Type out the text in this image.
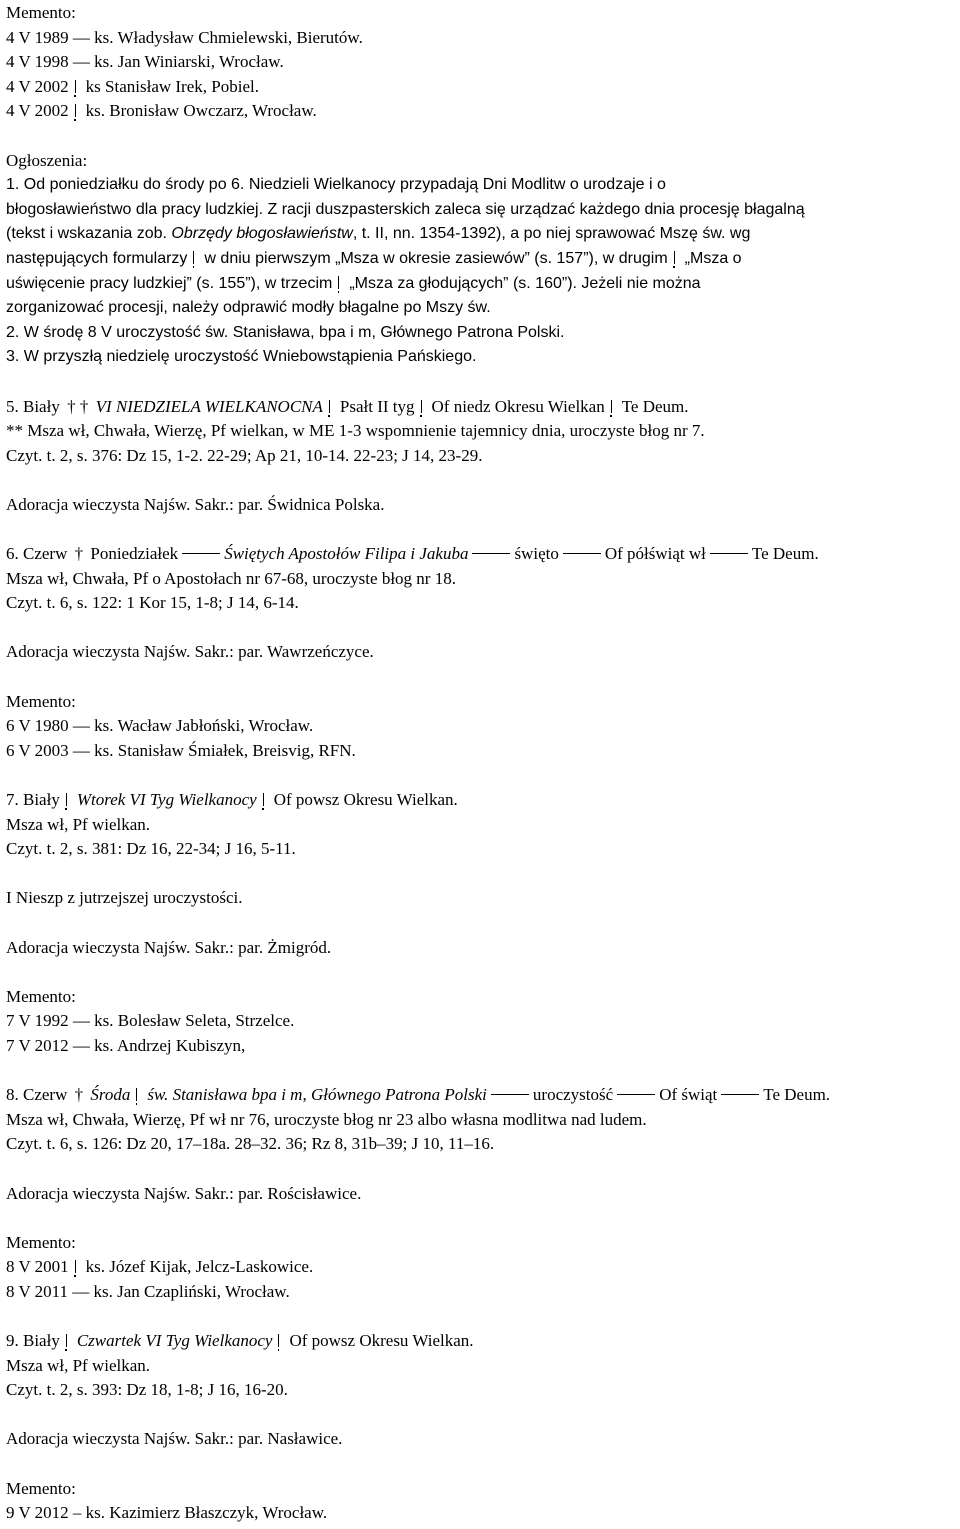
Memento:
4 V 1989 — ks. Władysław Chmielewski, Bierutów.
4 V 1998 — ks. Jan Winiarski, Wrocław.
4 V 2002 ks Stanisław Irek, Pobiel.
4 V 2002 ks. Bronisław Owczarz, Wrocław.
Ogłoszenia:
1. Od poniedziałku do środy po 6. Niedzieli Wielkanocy przypadają Dni Modlitw o urodzaje i o
błogosławieństwo dla pracy ludzkiej. Z racji duszpasterskich zaleca się urządzać każdego dnia procesję błagalną
(tekst i wskazania zob. Obrzędy błogosławieństw, t. II, nn. 1354-1392), a po niej sprawować Mszę św. wg
następujących formularzy w dniu pierwszym „Msza w okresie zasiewów” (s. 157”), w drugim „Msza o
uświęcenie pracy ludzkiej” (s. 155”), w trzecim „Msza za głodujących” (s. 160”). Jeżeli nie można
zorganizować procesji, należy odprawić modły błagalne po Mszy św.
2. W środę 8 V uroczystość św. Stanisława, bpa i m, Głównego Patrona Polski.
3. W przyszłą niedzielę uroczystość Wniebowstąpienia Pańskiego.
5. Biały † † VI NIEDZIELA WIELKANOCNA Psałt II tyg Of niedz Okresu Wielkan Te Deum.
** Msza wł, Chwała, Wierzę, Pf wielkan, w ME 1-3 wspomnienie tajemnicy dnia, uroczyste błog nr 7.
Czyt. t. 2, s. 376: Dz 15, 1-2. 22-29; Ap 21, 10-14. 22-23; J 14, 23-29.
Adoracja wieczysta Najśw. Sakr.: par. Świdnica Polska.
6. Czerw † Poniedziałek	Świętych Apostołów Filipa i Jakuba	święto	Of półświąt wł	Te Deum.
Msza wł, Chwała, Pf o Apostołach nr 67-68, uroczyste błog nr 18.
Czyt. t. 6, s. 122: 1 Kor 15, 1-8; J 14, 6-14.
Adoracja wieczysta Najśw. Sakr.: par. Wawrzeńczyce.
Memento:
6 V 1980 — ks. Wacław Jabłoński, Wrocław.
6 V 2003 — ks. Stanisław Śmiałek, Breisvig, RFN.
7. Biały Wtorek VI Tyg Wielkanocy Of powsz Okresu Wielkan.
Msza wł, Pf wielkan.
Czyt. t. 2, s. 381: Dz 16, 22-34; J 16, 5-11.
I Nieszp z jutrzejszej uroczystości.
Adoracja wieczysta Najśw. Sakr.: par. Żmigród.
Memento:
7 V 1992 — ks. Bolesław Seleta, Strzelce.
7 V 2012 — ks. Andrzej Kubiszyn,
8. Czerw † Środa św. Stanisława bpa i m, Głównego Patrona Polski	uroczystość	Of świąt	Te Deum.
Msza wł, Chwała, Wierzę, Pf wł nr 76, uroczyste błog nr 23 albo własna modlitwa nad ludem.
Czyt. t. 6, s. 126: Dz 20, 17–18a. 28–32. 36; Rz 8, 31b–39; J 10, 11–16.
Adoracja wieczysta Najśw. Sakr.: par. Rościsławice.
Memento:
8 V 2001 ks. Józef Kijak, Jelcz-Laskowice.
8 V 2011 — ks. Jan Czapliński, Wrocław.
9. Biały Czwartek VI Tyg Wielkanocy Of powsz Okresu Wielkan.
Msza wł, Pf wielkan.
Czyt. t. 2, s. 393: Dz 18, 1-8; J 16, 16-20.
Adoracja wieczysta Najśw. Sakr.: par. Nasławice.
Memento:
9 V 2012 – ks. Kazimierz Błaszczyk, Wrocław.
